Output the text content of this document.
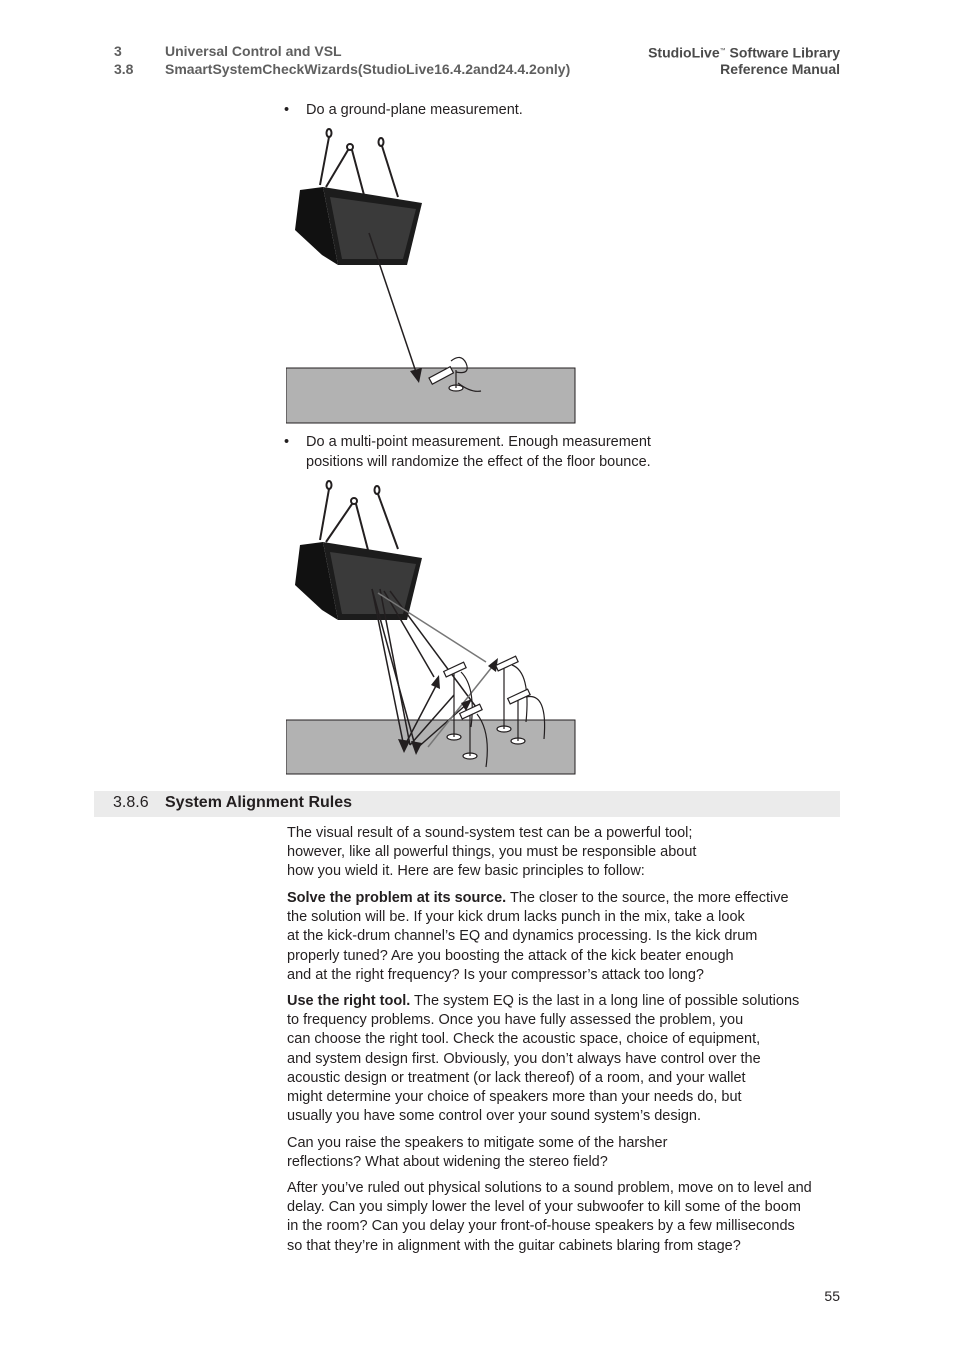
3	Universal Control and VSL
3.8 SmaartSystemCheckWizards(StudioLive16.4.2and24.4.2only)
StudioLive™ Software Library
Reference Manual
• Do a ground-plane measurement.
• Do a multi-point measurement. Enough measurement
positions will randomize the effect of the floor bounce.
3.8.6 System Alignment Rules
The visual result of a sound-system test can be a powerful tool;
however, like all powerful things, you must be responsible about
how you wield it. Here are few basic principles to follow:
Solve the problem at its source. The closer to the source, the more effective
the solution will be. If your kick drum lacks punch in the mix, take a look
at the kick-drum channel’s EQ and dynamics processing. Is the kick drum
properly tuned? Are you boosting the attack of the kick beater enough
and at the right frequency? Is your compressor’s attack too long?
Use the right tool. The system EQ is the last in a long line of possible solutions
to frequency problems. Once you have fully assessed the problem, you
can choose the right tool. Check the acoustic space, choice of equipment,
and system design first. Obviously, you don’t always have control over the
acoustic design or treatment (or lack thereof) of a room, and your wallet
might determine your choice of speakers more than your needs do, but
usually you have some control over your sound system’s design.
Can you raise the speakers to mitigate some of the harsher
reflections? What about widening the stereo field?
After you’ve ruled out physical solutions to a sound problem, move on to level and
delay. Can you simply lower the level of your subwoofer to kill some of the boom
in the room? Can you delay your front-of-house speakers by a few milliseconds
so that they’re in alignment with the guitar cabinets blaring from stage?
55
